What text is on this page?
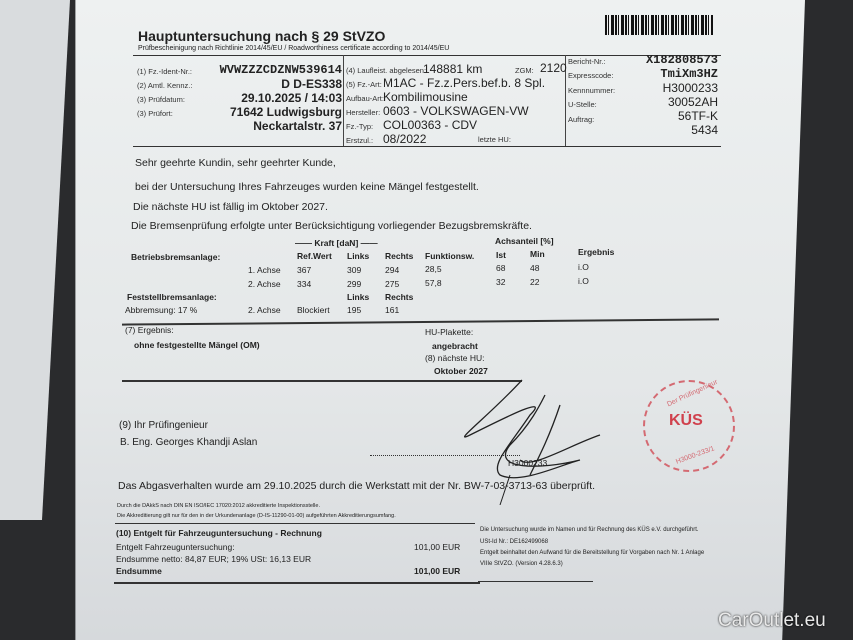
Hauptuntersuchung nach § 29 StVZO
Prüfbescheinigung nach Richtlinie 2014/45/EU / Roadworthiness certificate according to 2014/45/EU
(1) Fz.-Ident-Nr.: WVWZZZCDZNW539614
(2) Amtl. Kennz.:	D D-ES338
(3) Prüfdatum:	29.10.2025 / 14:03
(3) Prüfort:	71642 Ludwigsburg
Neckartalstr. 37
(4) Laufleist. abgelesen:
148881 km	ZGM: 2120
(5) Fz.-Art: M1AC - Fz.z.Pers.bef.b. 8 Spl.
Aufbau-Art: Kombilimousine
Hersteller: 0603 - VOLKSWAGEN-VW
Fz.-Typ: COL00363 - CDV
Erstzul.: 08/2022	letzte HU:
Bericht-Nr.:	X182808573
Expresscode:	TmiXm3HZ
Kennnummer:	H3000233
U-Stelle:	30052AH
Auftrag:	56TF-K
5434
Sehr geehrte Kundin, sehr geehrter Kunde,
bei der Untersuchung Ihres Fahrzeuges wurden keine Mängel festgestellt.
Die nächste HU ist fällig im Oktober 2027.
Die Bremsenprüfung erfolgte unter Berücksichtigung vorliegender Bezugsbremskräfte.
—— Kraft [daN] ——	Achsanteil [%]
Betriebsbremsanlage:	Ref.Wert Links Rechts Funktionsw.	Ist	Min	Ergebnis
1. Achse 367	309	294	28,5	68	48	i.O
2. Achse 334	299	275	57,8	32	22	i.O
Feststellbremsanlage:	Links Rechts
Abbremsung: 17 %	2. Achse Blockiert 195	161
(7) Ergebnis:
ohne festgestellte Mängel (OM)
HU-Plakette:
angebracht
(8) nächste HU:
Oktober 2027
(9) Ihr Prüfingenieur
B. Eng. Georges Khandji Aslan
H3000233
Der Prüfingenieur
KÜS
H3000-233/1
Das Abgasverhalten wurde am 29.10.2025 durch die Werkstatt mit der Nr. BW-7-03-3713-63 überprüft.
Durch die DAkkS nach DIN EN ISO/IEC 17020:2012 akkreditierte Inspektionsstelle.
Die Akkreditierung gilt nur für den in der Urkundenanlage (D-IS-11290-01-00) aufgeführten Akkreditierungsumfang.
(10) Entgelt für Fahrzeuguntersuchung - Rechnung
Entgelt Fahrzeuguntersuchung:	101,00 EUR
Endsumme netto: 84,87 EUR; 19% USt: 16,13 EUR
Endsumme	101,00 EUR
Die Untersuchung wurde im Namen und für Rechnung des KÜS e.V. durchgeführt.
USt-Id Nr.: DE162499068
Entgelt beinhaltet den Aufwand für die Bereitstellung für Vorgaben nach Nr. 1 Anlage
VIIIe StVZO. (Version 4.28.6.3)
CarOutlet.eu
